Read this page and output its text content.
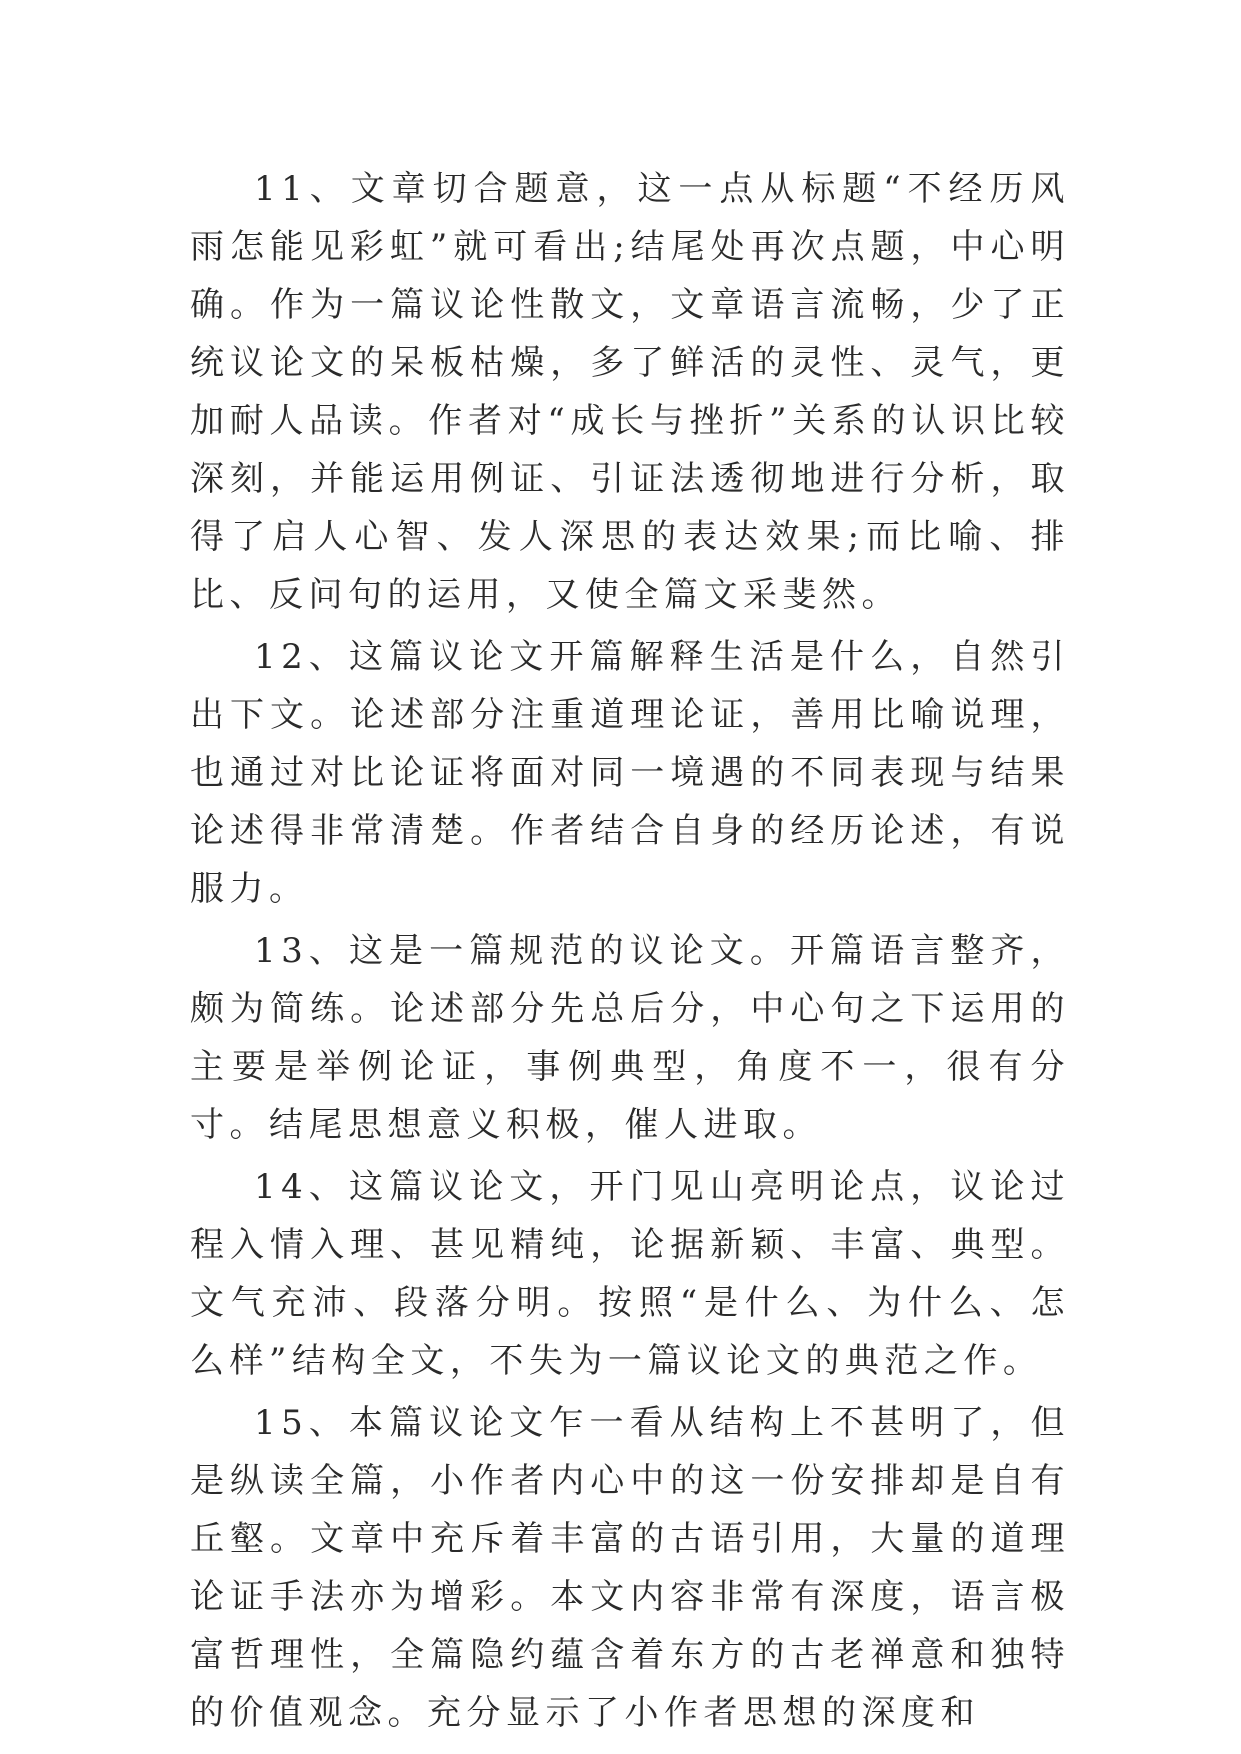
11、文章切合题意，这一点从标题“不经历风雨怎能见彩虹”就可看出;结尾处再次点题，中心明确。作为一篇议论性散文，文章语言流畅，少了正统议论文的呆板枯燥，多了鲜活的灵性、灵气，更加耐人品读。作者对“成长与挫折”关系的认识比较深刻，并能运用例证、引证法透彻地进行分析，取得了启人心智、发人深思的表达效果;而比喻、排比、反问句的运用，又使全篇文采斐然。

12、这篇议论文开篇解释生活是什么，自然引出下文。论述部分注重道理论证，善用比喻说理，也通过对比论证将面对同一境遇的不同表现与结果论述得非常清楚。作者结合自身的经历论述，有说服力。

13、这是一篇规范的议论文。开篇语言整齐，颇为简练。论述部分先总后分，中心句之下运用的主要是举例论证，事例典型，角度不一，很有分寸。结尾思想意义积极，催人进取。

14、这篇议论文，开门见山亮明论点，议论过程入情入理、甚见精纯，论据新颖、丰富、典型。文气充沛、段落分明。按照“是什么、为什么、怎么样”结构全文，不失为一篇议论文的典范之作。

15、本篇议论文乍一看从结构上不甚明了，但是纵读全篇，小作者内心中的这一份安排却是自有丘壑。文章中充斥着丰富的古语引用，大量的道理论证手法亦为增彩。本文内容非常有深度，语言极富哲理性，全篇隐约蕴含着东方的古老禅意和独特的价值观念。充分显示了小作者思想的深度和
